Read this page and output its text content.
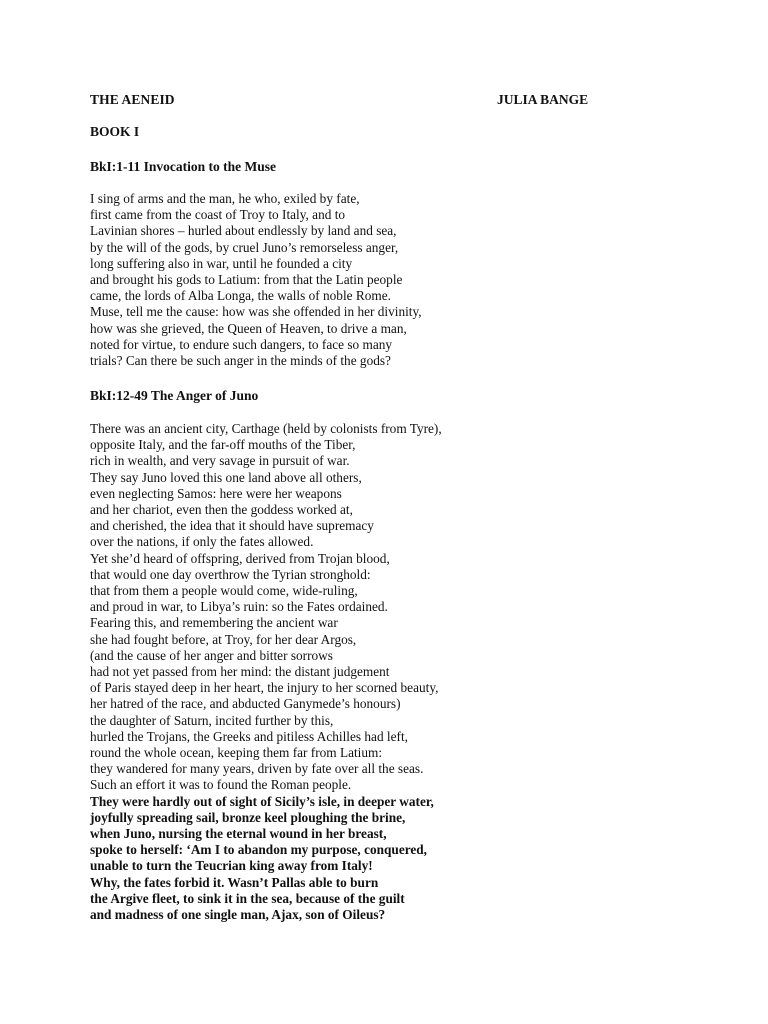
THE AENEID	JULIA BANGE
BOOK I
BkI:1-11 Invocation to the Muse
I sing of arms and the man, he who, exiled by fate,
first came from the coast of Troy to Italy, and to
Lavinian shores – hurled about endlessly by land and sea,
by the will of the gods, by cruel Juno’s remorseless anger,
long suffering also in war, until he founded a city
and brought his gods to Latium: from that the Latin people
came, the lords of Alba Longa, the walls of noble Rome.
Muse, tell me the cause: how was she offended in her divinity,
how was she grieved, the Queen of Heaven, to drive a man,
noted for virtue, to endure such dangers, to face so many
trials? Can there be such anger in the minds of the gods?
BkI:12-49 The Anger of Juno
There was an ancient city, Carthage (held by colonists from Tyre),
opposite Italy, and the far-off mouths of the Tiber,
rich in wealth, and very savage in pursuit of war.
They say Juno loved this one land above all others,
even neglecting Samos: here were her weapons
and her chariot, even then the goddess worked at,
and cherished, the idea that it should have supremacy
over the nations, if only the fates allowed.
Yet she’d heard of offspring, derived from Trojan blood,
that would one day overthrow the Tyrian stronghold:
that from them a people would come, wide-ruling,
and proud in war, to Libya’s ruin: so the Fates ordained.
Fearing this, and remembering the ancient war
she had fought before, at Troy, for her dear Argos,
(and the cause of her anger and bitter sorrows
had not yet passed from her mind: the distant judgement
of Paris stayed deep in her heart, the injury to her scorned beauty,
her hatred of the race, and abducted Ganymede’s honours)
the daughter of Saturn, incited further by this,
hurled the Trojans, the Greeks and pitiless Achilles had left,
round the whole ocean, keeping them far from Latium:
they wandered for many years, driven by fate over all the seas.
Such an effort it was to found the Roman people.
They were hardly out of sight of Sicily’s isle, in deeper water,
joyfully spreading sail, bronze keel ploughing the brine,
when Juno, nursing the eternal wound in her breast,
spoke to herself: ‘Am I to abandon my purpose, conquered,
unable to turn the Teucrian king away from Italy!
Why, the fates forbid it. Wasn’t Pallas able to burn
the Argive fleet, to sink it in the sea, because of the guilt
and madness of one single man, Ajax, son of Oileus?
